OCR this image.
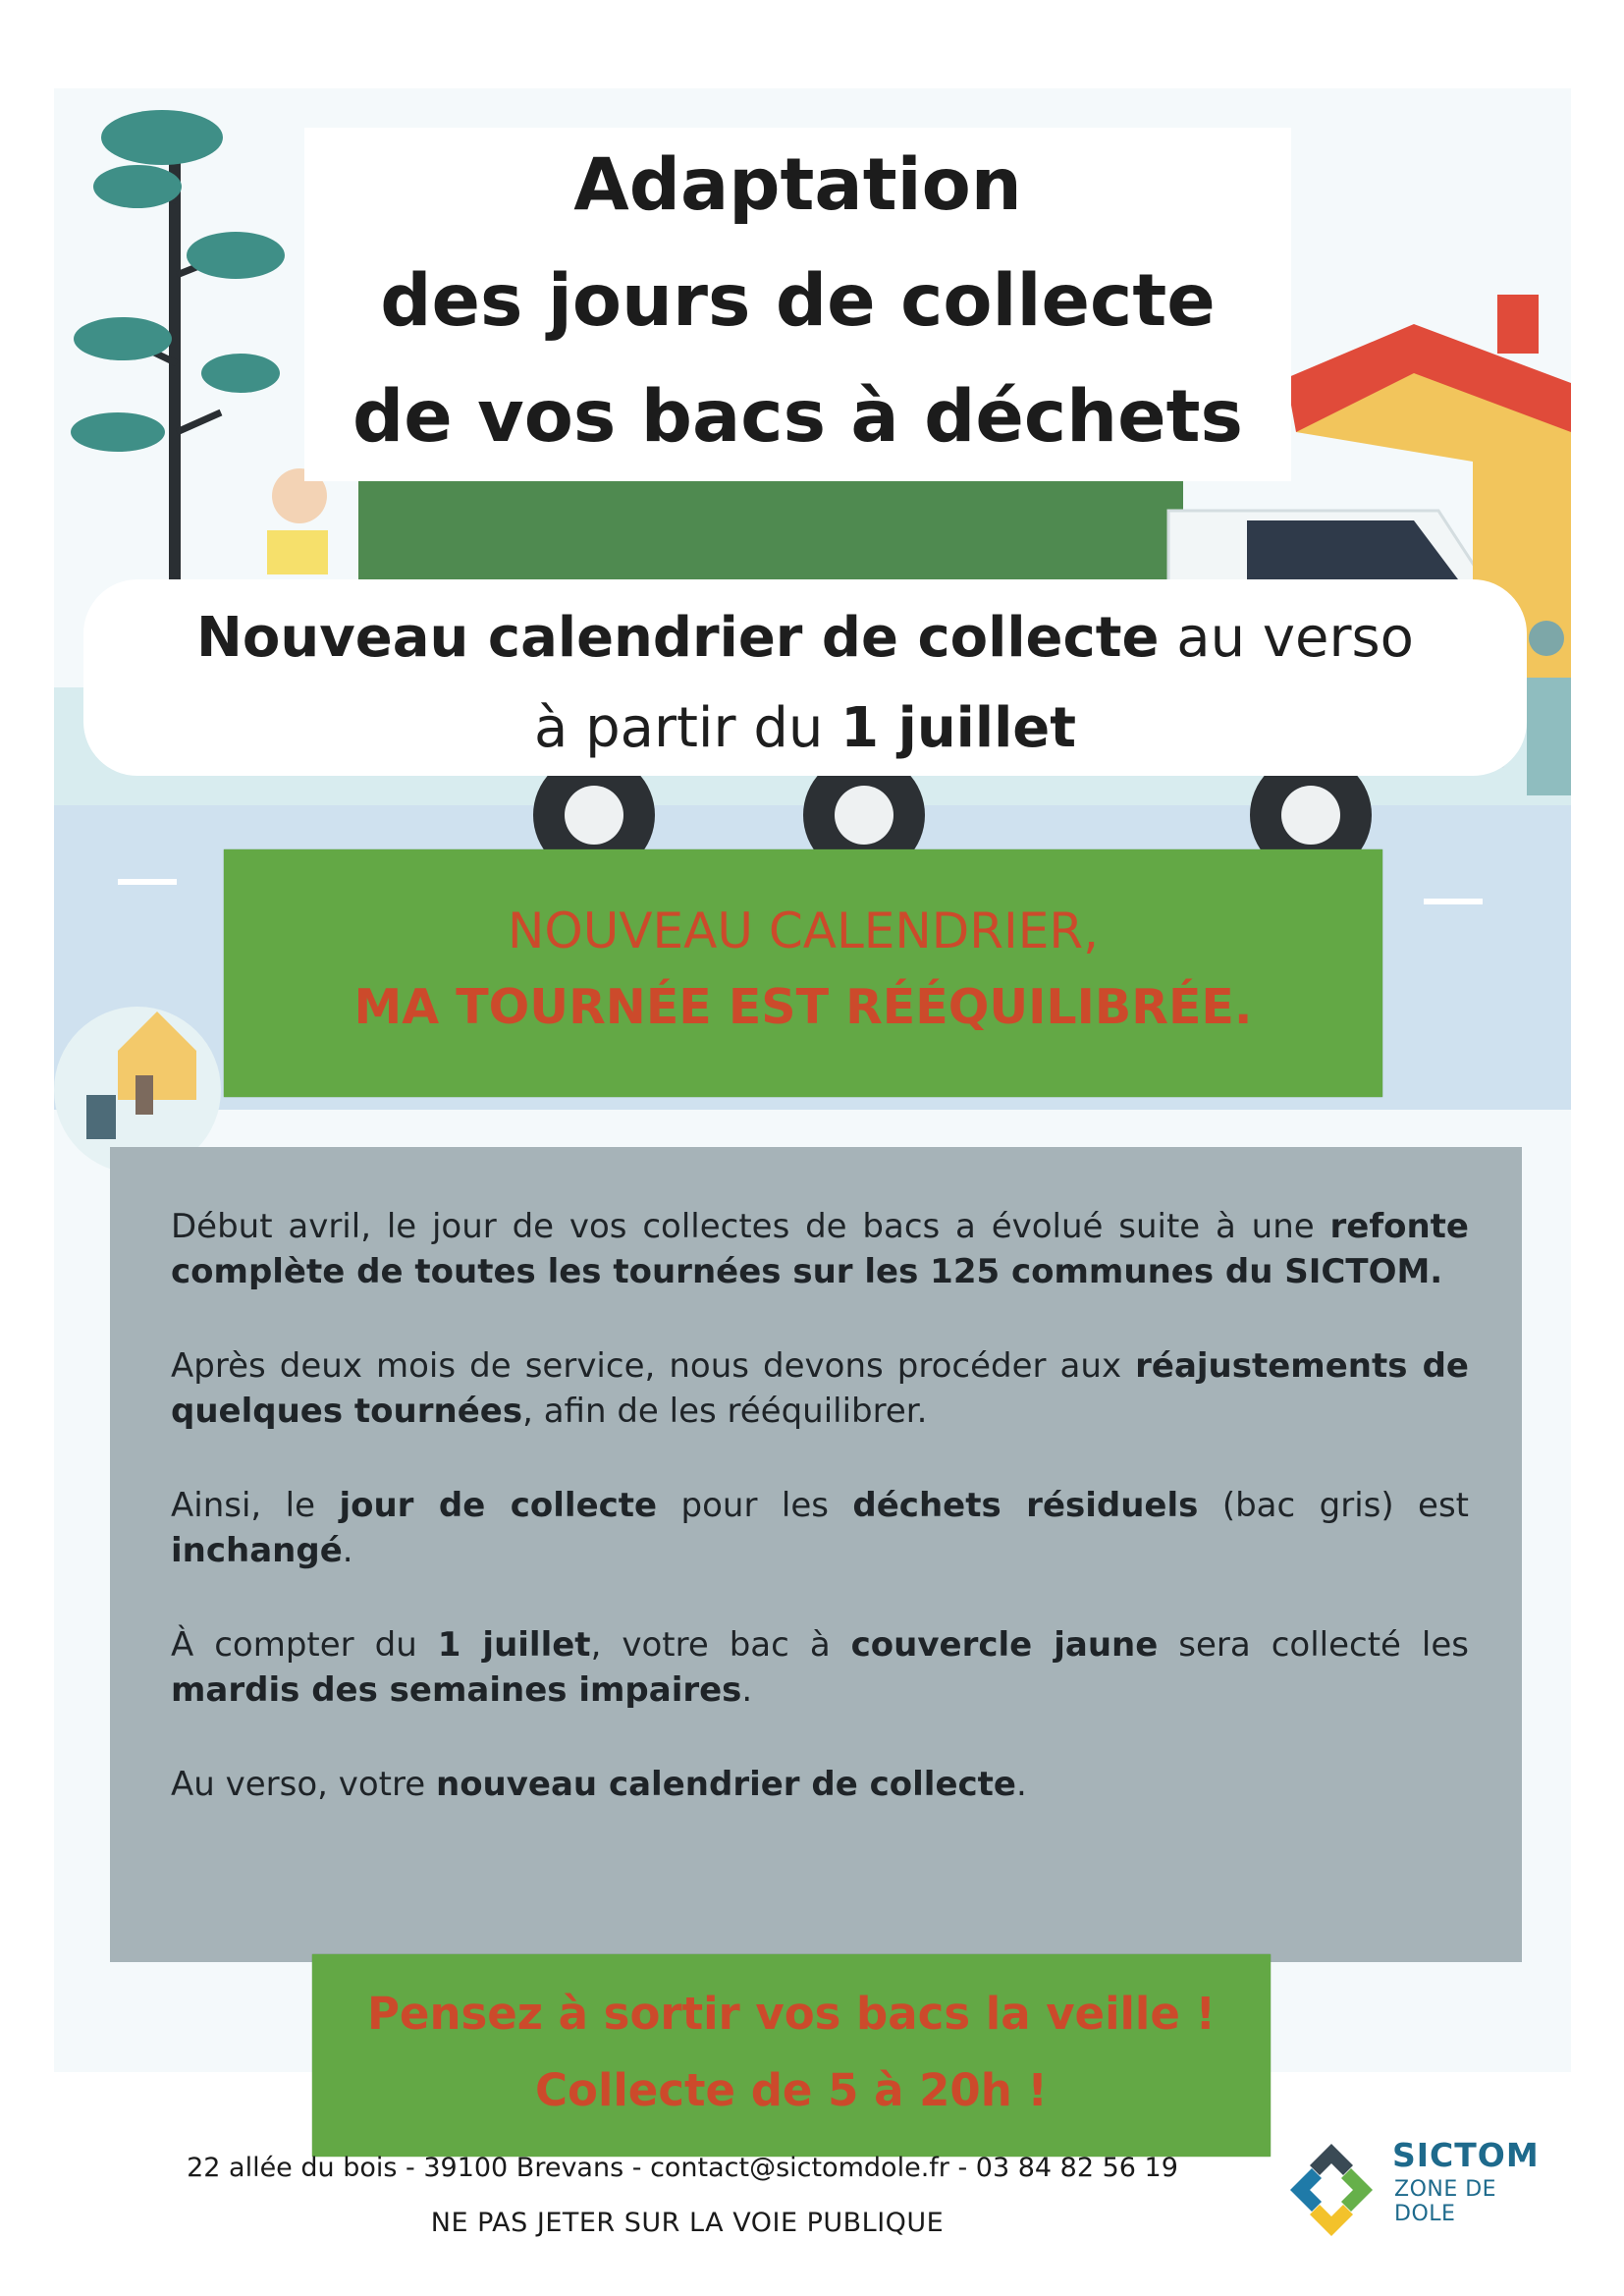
Adaptation
des jours de collecte
de vos bacs à déchets
Nouveau calendrier de collecte au verso
à partir du 1 juillet
NOUVEAU CALENDRIER,
MA TOURNÉE EST RÉÉQUILIBRÉE.

Début avril, le jour de vos collectes de bacs a évolué suite à une refonte complète de toutes les tournées sur les 125 communes du SICTOM.

Après deux mois de service, nous devons procéder aux réajustements de quelques tournées, afin de les rééquilibrer.

Ainsi, le jour de collecte pour les déchets résiduels (bac gris) est inchangé.

À compter du 1 juillet, votre bac à couvercle jaune sera collecté les mardis des semaines impaires.

Au verso, votre nouveau calendrier de collecte.

Pensez à sortir vos bacs la veille !
Collecte de 5 à 20h !
22 allée du bois - 39100 Brevans - contact@sictomdole.fr - 03 84 82 56 19
NE PAS JETER SUR LA VOIE PUBLIQUE
SICTOM
ZONE DE DOLE
